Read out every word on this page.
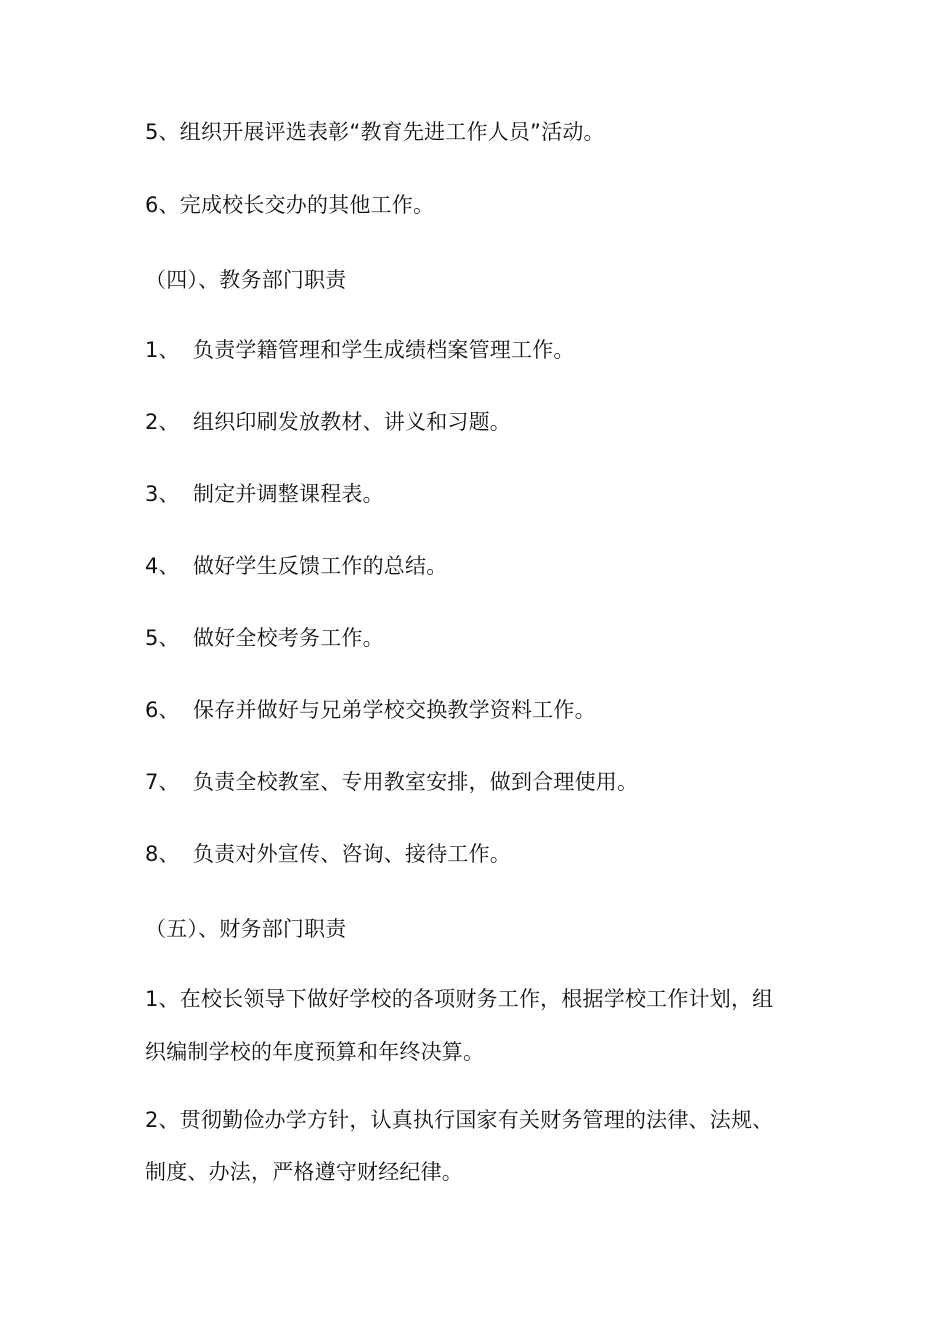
5、组织开展评选表彰“教育先进工作人员”活动。
6、完成校长交办的其他工作。
（四）、教务部门职责
1、 负责学籍管理和学生成绩档案管理工作。
2、 组织印刷发放教材、讲义和习题。
3、 制定并调整课程表。
4、 做好学生反馈工作的总结。
5、 做好全校考务工作。
6、 保存并做好与兄弟学校交换教学资料工作。
7、 负责全校教室、专用教室安排，做到合理使用。
8、 负责对外宣传、咨询、接待工作。
（五）、财务部门职责
1、在校长领导下做好学校的各项财务工作，根据学校工作计划，组
织编制学校的年度预算和年终决算。
2、贯彻勤俭办学方针，认真执行国家有关财务管理的法律、法规、
制度、办法，严格遵守财经纪律。
